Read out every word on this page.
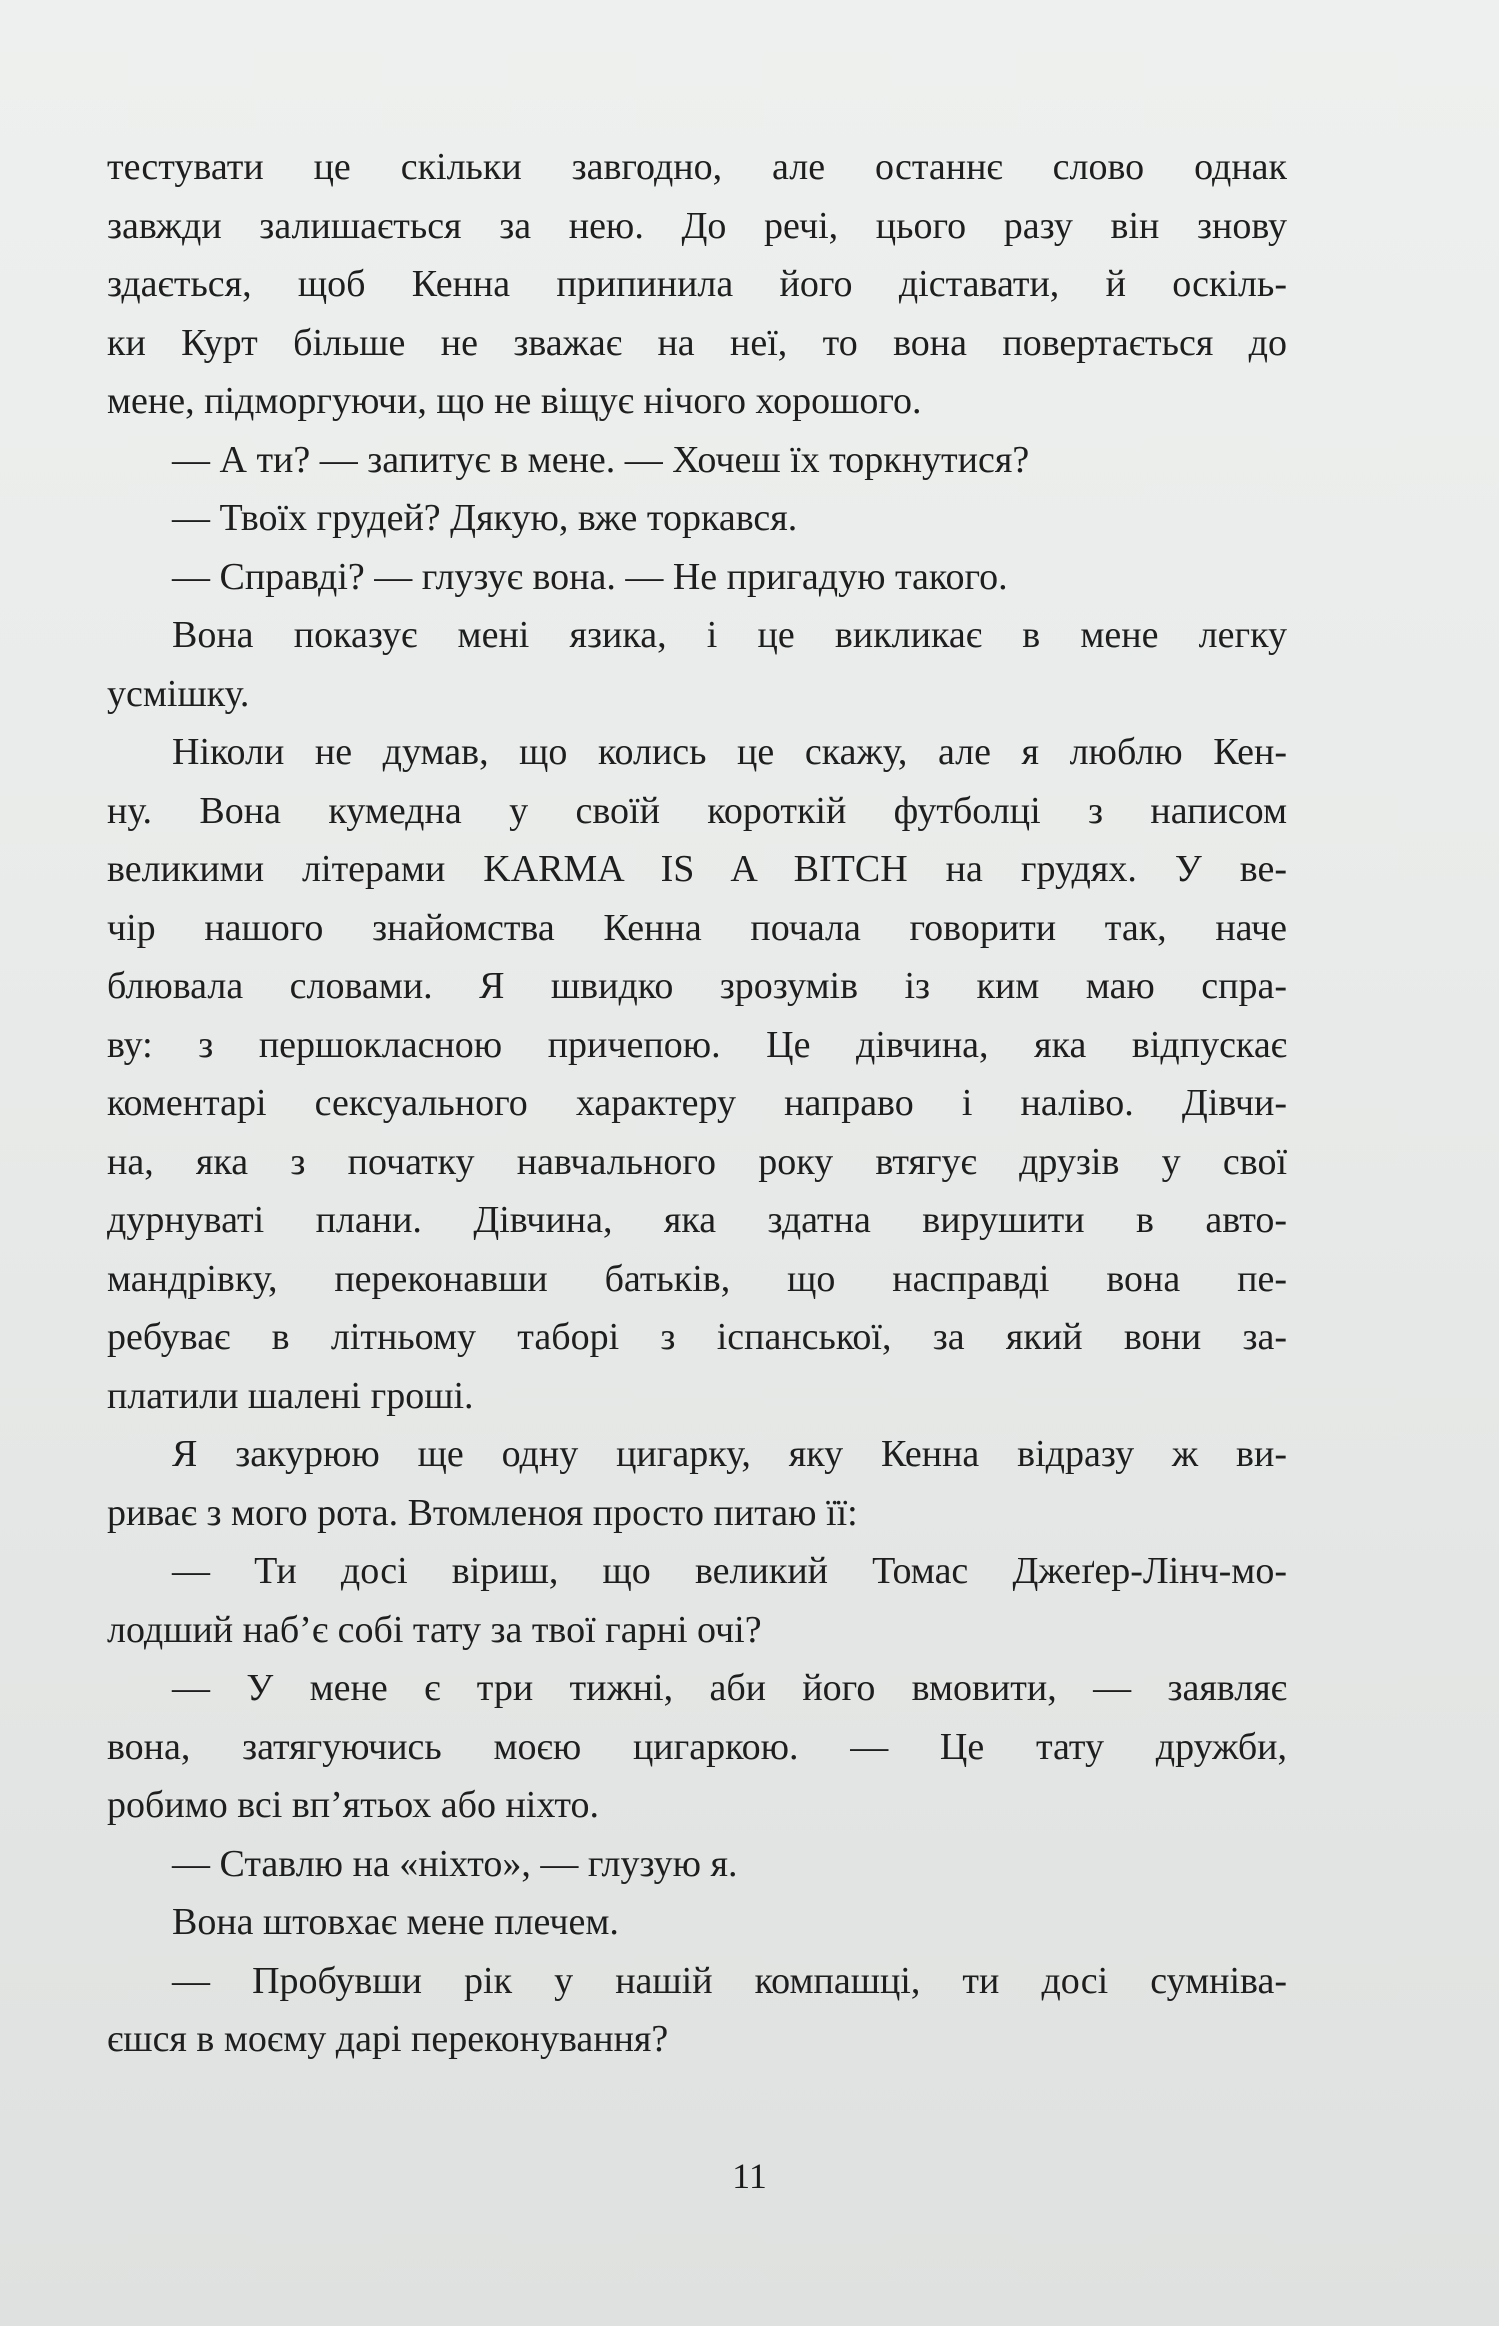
тестувати це скільки завгодно, але останнє слово однак
завжди залишається за нею. До речі, цього разу він знову
здається, щоб Кенна припинила його діставати, й оскіль-
ки Курт більше не зважає на неї, то вона повертається до
мене, підморгуючи, що не віщує нічого хорошого.
— А ти? — запитує в мене. — Хочеш їх торкнутися?
— Твоїх грудей? Дякую, вже торкався.
— Справді? — глузує вона. — Не пригадую такого.
Вона показує мені язика, і це викликає в мене легку
усмішку.
Ніколи не думав, що колись це скажу, але я люблю Кен-
ну. Вона кумедна у своїй короткій футболці з написом
великими літерами KARMA IS A BITCH на грудях. У ве-
чір нашого знайомства Кенна почала говорити так, наче
блювала словами. Я швидко зрозумів із ким маю спра-
ву: з першокласною причепою. Це дівчина, яка відпускає
коментарі сексуального характеру направо і наліво. Дівчи-
на, яка з початку навчального року втягує друзів у свої
дурнуваті плани. Дівчина, яка здатна вирушити в авто-
мандрівку, переконавши батьків, що насправді вона пе-
ребуває в літньому таборі з іспанської, за який вони за-
платили шалені гроші.
Я закурюю ще одну цигарку, яку Кенна відразу ж ви-
риває з мого рота. Втомленоя просто питаю її:
— Ти досі віриш, що великий Томас Джеґер-Лінч-мо-
лодший наб’є собі тату за твої гарні очі?
— У мене є три тижні, аби його вмовити, — заявляє
вона, затягуючись моєю цигаркою. — Це тату дружби,
робимо всі вп’ятьох або ніхто.
— Ставлю на «ніхто», — глузую я.
Вона штовхає мене плечем.
— Пробувши рік у нашій компашці, ти досі сумніва-
єшся в моєму дарі переконування?
11
